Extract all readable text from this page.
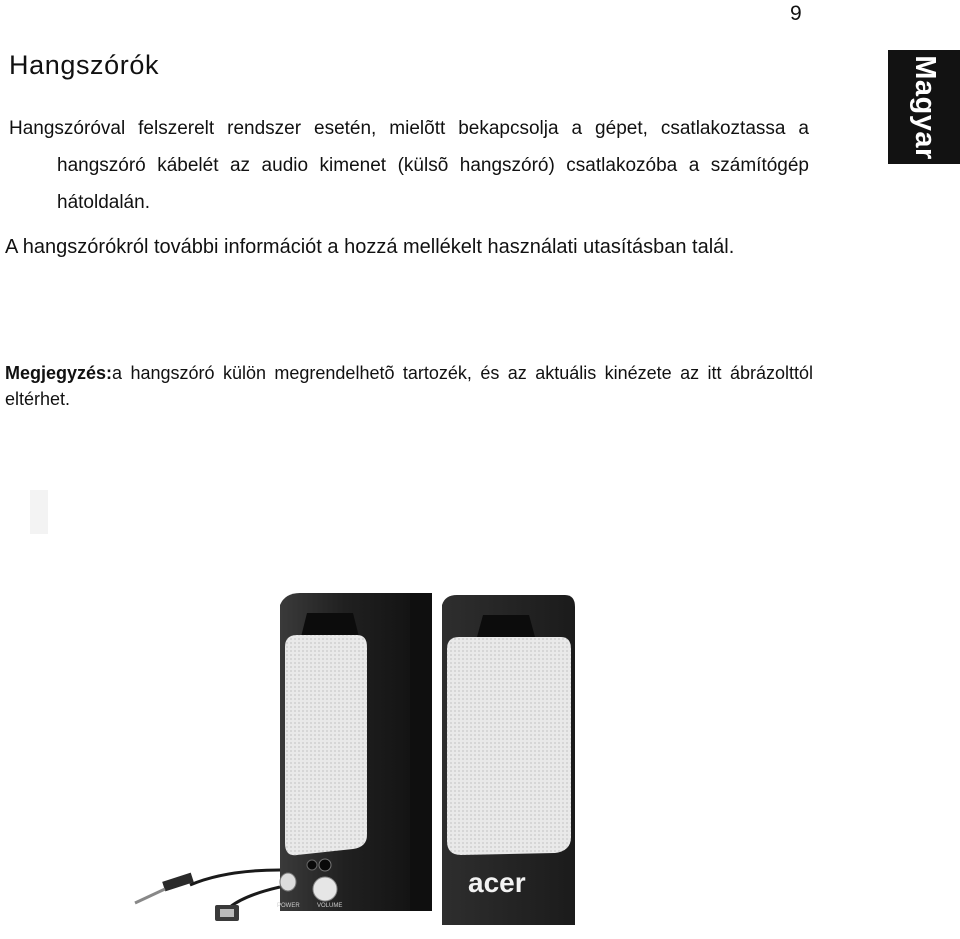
9
Magyar
Hangszórók

Hangszóróval felszerelt rendszer esetén, mielõtt bekapcsolja a gépet, csatlakoztassa a hangszóró kábelét az audio kimenet (külsõ hangszóró) csatlakozóba a számítógép hátoldalán.

A hangszórókról további információt a hozzá mellékelt használati utasításban talál.

Megjegyzés:a hangszóró külön megrendelhetõ tartozék, és az aktuális kinézete az itt ábrázolttól eltérhet.

POWER	VOLUME
acer
